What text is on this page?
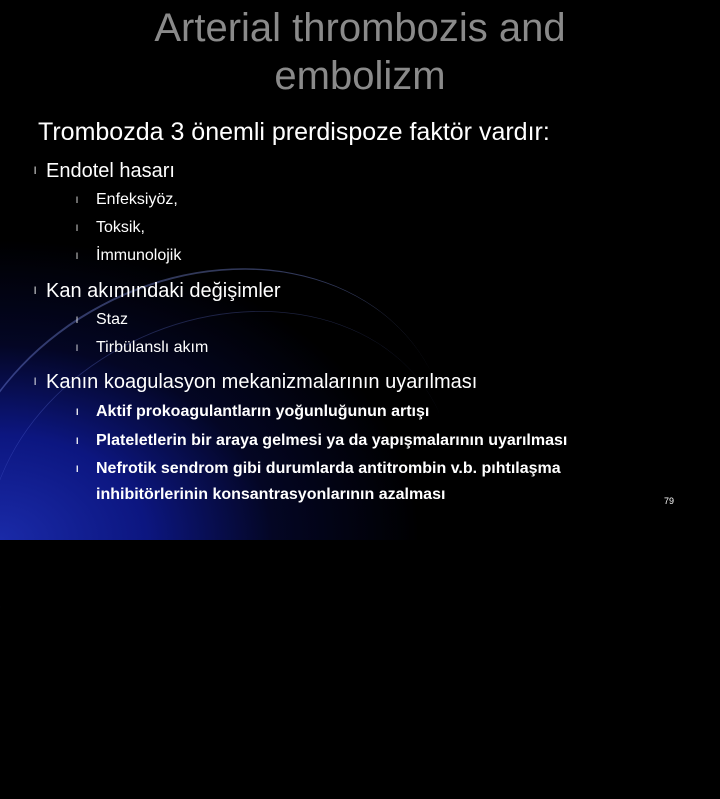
Arterial thrombozis and
embolizm
Trombozda 3 önemli prerdispoze faktör vardır:
l Endotel hasarı
l Enfeksiyöz,
l Toksik,
l İmmunolojik
l Kan akımındaki değişimler
l Staz
l Tirbülanslı akım
l Kanın koagulasyon mekanizmalarının uyarılması
l Aktif prokoagulantların yoğunluğunun artışı
l Plateletlerin bir araya gelmesi ya da yapışmalarının uyarılması
l Nefrotik sendrom gibi durumlarda antitrombin v.b. pıhtılaşma
inhibitörlerinin konsantrasyonlarının azalması	79
